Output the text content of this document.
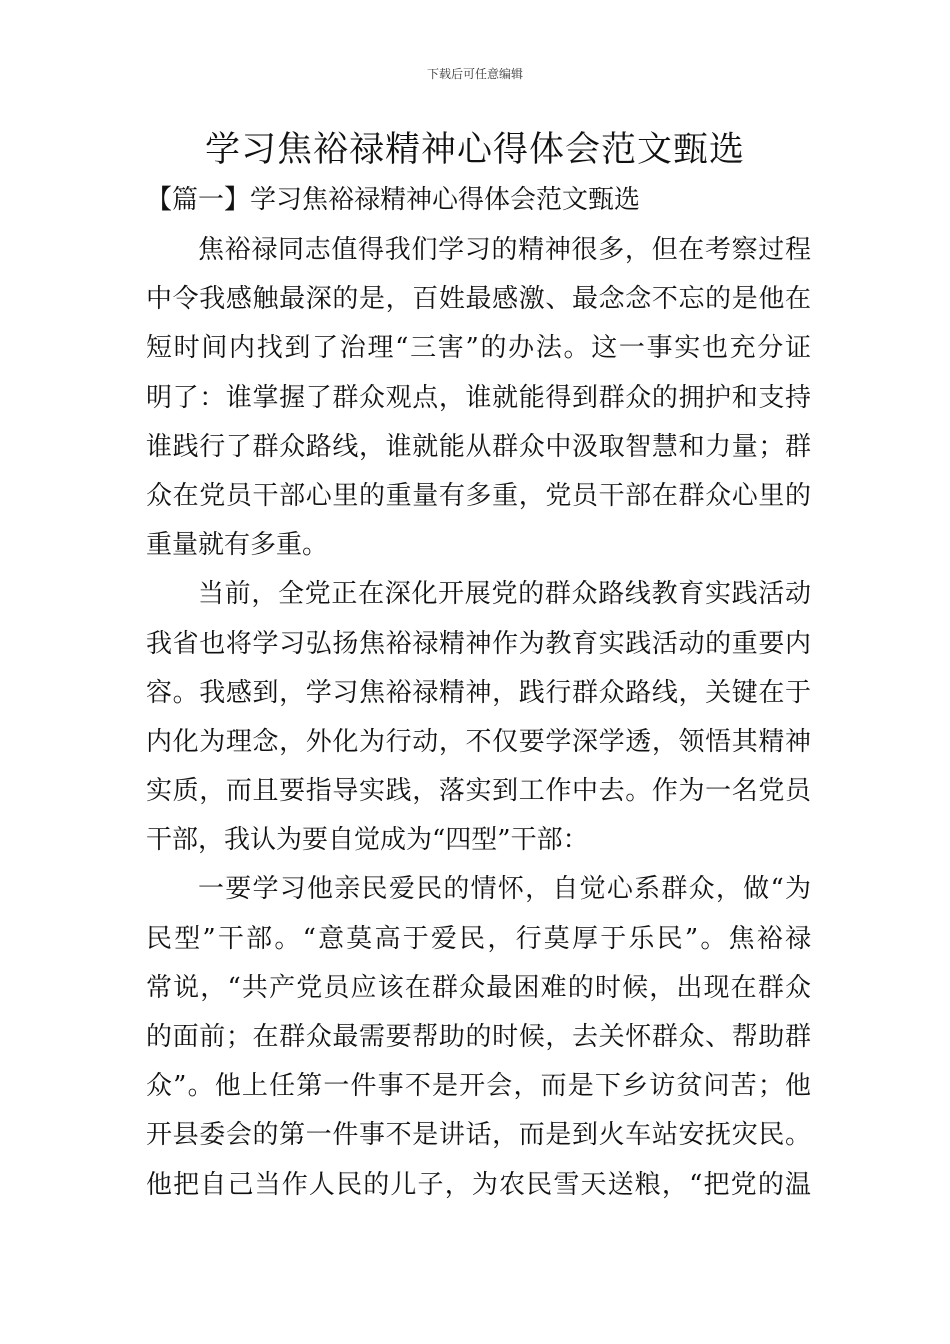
下载后可任意编辑
学习焦裕禄精神心得体会范文甄选
【篇一】学习焦裕禄精神心得体会范文甄选
焦裕禄同志值得我们学习的精神很多，但在考察过程
中令我感触最深的是，百姓最感激、最念念不忘的是他在
短时间内找到了治理“三害”的办法。这一事实也充分证
明了：谁掌握了群众观点，谁就能得到群众的拥护和支持
谁践行了群众路线，谁就能从群众中汲取智慧和力量；群
众在党员干部心里的重量有多重，党员干部在群众心里的
重量就有多重。
当前，全党正在深化开展党的群众路线教育实践活动
我省也将学习弘扬焦裕禄精神作为教育实践活动的重要内
容。我感到，学习焦裕禄精神，践行群众路线，关键在于
内化为理念，外化为行动，不仅要学深学透，领悟其精神
实质，而且要指导实践，落实到工作中去。作为一名党员
干部，我认为要自觉成为“四型”干部：
一要学习他亲民爱民的情怀，自觉心系群众，做“为
民型”干部。“意莫高于爱民，行莫厚于乐民”。焦裕禄
常说，“共产党员应该在群众最困难的时候，出现在群众
的面前；在群众最需要帮助的时候，去关怀群众、帮助群
众”。他上任第一件事不是开会，而是下乡访贫问苦；他
开县委会的第一件事不是讲话，而是到火车站安抚灾民。
他把自己当作人民的儿子，为农民雪天送粮，“把党的温
